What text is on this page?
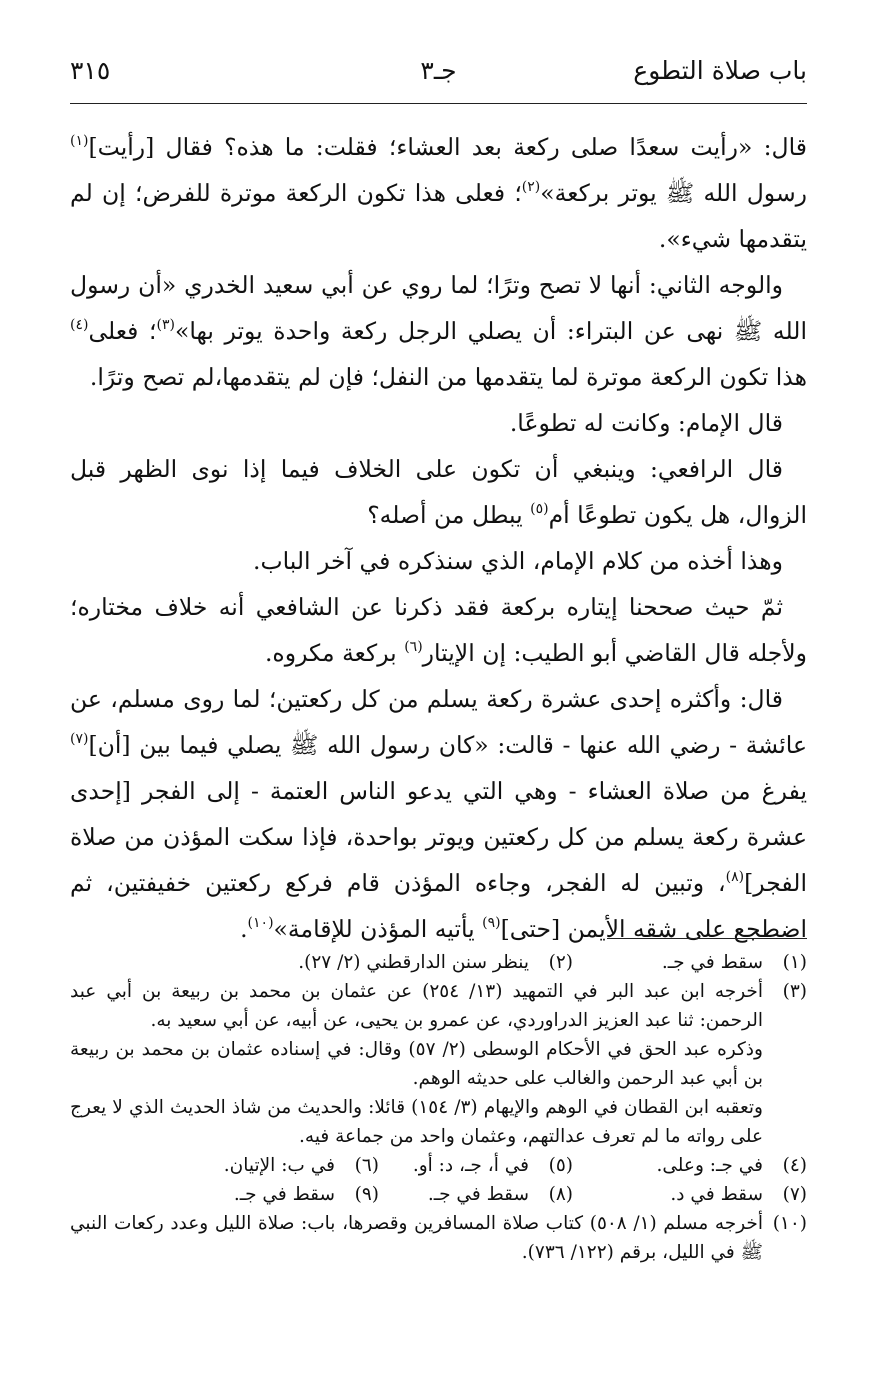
باب صلاة التطوع
جـ٣
٣١٥

قال: «رأيت سعدًا صلى ركعة بعد العشاء؛ فقلت: ما هذه؟ فقال [رأيت]$^{(١)}$ رسول الله ﷺ يوتر بركعة»$^{(٢)}$؛ فعلى هذا تكون الركعة موترة للفرض؛ إن لم يتقدمها شيء».

والوجه الثاني: أنها لا تصح وترًا؛ لما روي عن أبي سعيد الخدري «أن رسول الله ﷺ نهى عن البتراء: أن يصلي الرجل ركعة واحدة يوتر بها»$^{(٣)}$؛ فعلى$^{(٤)}$ هذا تكون الركعة موترة لما يتقدمها من النفل؛ فإن لم يتقدمها،لم تصح وترًا.

قال الإمام: وكانت له تطوعًا.

قال الرافعي: وينبغي أن تكون على الخلاف فيما إذا نوى الظهر قبل الزوال، هل يكون تطوعًا أم$^{(٥)}$ يبطل من أصله؟

وهذا أخذه من كلام الإمام، الذي سنذكره في آخر الباب.

ثمّ حيث صححنا إيتاره بركعة فقد ذكرنا عن الشافعي أنه خلاف مختاره؛ ولأجله قال القاضي أبو الطيب: إن الإيتار$^{(٦)}$ بركعة مكروه.

قال: وأكثره إحدى عشرة ركعة يسلم من كل ركعتين؛ لما روى مسلم، عن عائشة - رضي الله عنها - قالت: «كان رسول الله ﷺ يصلي فيما بين [أن]$^{(٧)}$ يفرغ من صلاة العشاء - وهي التي يدعو الناس العتمة - إلى الفجر [إحدى عشرة ركعة يسلم من كل ركعتين ويوتر بواحدة، فإذا سكت المؤذن من صلاة الفجر]$^{(٨)}$، وتبين له الفجر، وجاءه المؤذن قام فركع ركعتين خفيفتين، ثم اضطجع على شقه الأيمن [حتى]$^{(٩)}$ يأتيه المؤذن للإقامة»$^{(١٠)}$.

(١)
سقط في جـ.
(٢)
ينظر سنن الدارقطني (٢/ ٢٧).
(٣)
أخرجه ابن عبد البر في التمهيد (١٣/ ٢٥٤) عن عثمان بن محمد بن ربيعة بن أبي عبد الرحمن: ثنا عبد العزيز الدراوردي، عن عمرو بن يحيى، عن أبيه، عن أبي سعيد به.
وذكره عبد الحق في الأحكام الوسطى (٢/ ٥٧) وقال: في إسناده عثمان بن محمد بن ربيعة بن أبي عبد الرحمن والغالب على حديثه الوهم.
وتعقبه ابن القطان في الوهم والإيهام (٣/ ١٥٤) قائلا: والحديث من شاذ الحديث الذي لا يعرج على رواته ما لم تعرف عدالتهم، وعثمان واحد من جماعة فيه.
(٤)
في جـ: وعلى.
(٥)
في أ، جـ، د: أو.
(٦)
في ب: الإتيان.
(٧)
سقط في د.
(٨)
سقط في جـ.
(٩)
سقط في جـ.
(١٠)
أخرجه مسلم (١/ ٥٠٨) كتاب صلاة المسافرين وقصرها، باب: صلاة الليل وعدد ركعات النبي ﷺ في الليل، برقم (١٢٢/ ٧٣٦).
